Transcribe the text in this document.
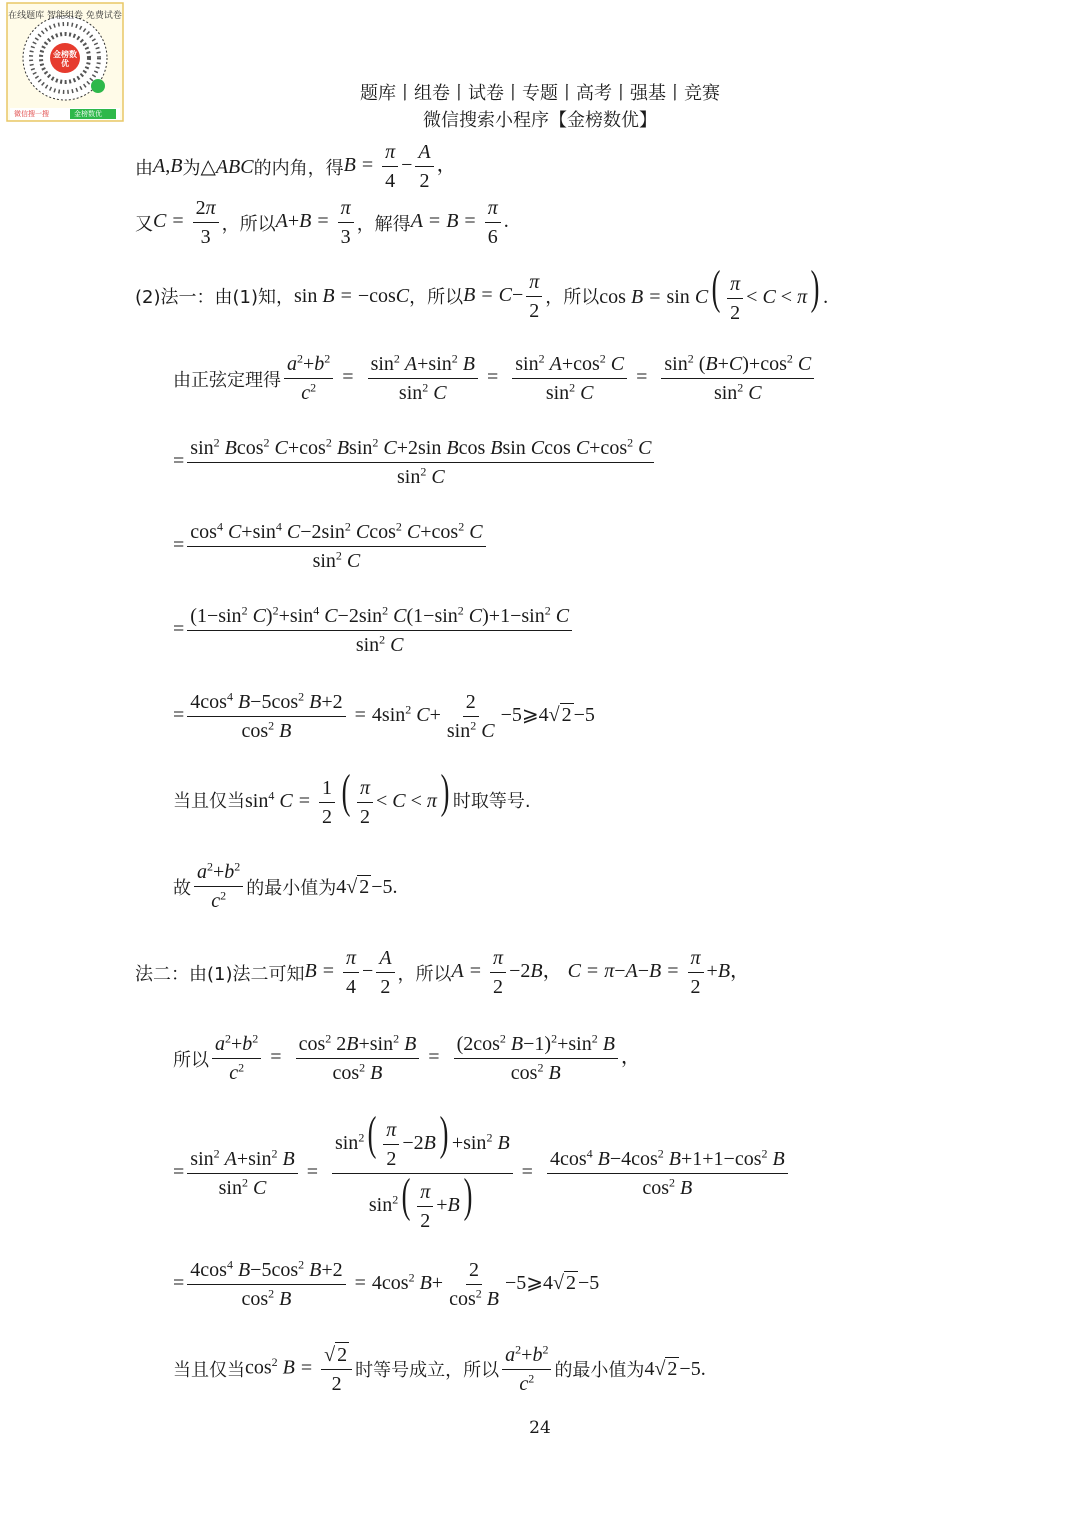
在线题库 智能组卷 免费试卷
金榜数优
微信搜一搜	金榜数优
题库丨组卷丨试卷丨专题丨高考丨强基丨竞赛
微信搜索小程序【金榜数优】
由 A,B 为 △ABC 的内角，得 $B = \frac{\pi}{4} - \frac{A}{2}$ ，
又 $C = \frac{2\pi}{3}$ ，所以 $A+B = \frac{\pi}{3}$ ，解得 $A = B = \frac{\pi}{6}$ .
(2)法一：由(1)知， sin B = −cosC ，所以 $B = C- \frac{\pi}{2}$ ，所以 $\cos B = \sin C( \frac{\pi}{2} < C < \pi)$ .
由正弦定理得 $\frac{a^2+b^2}{c^2} = \frac{\sin^2 A+\sin^2 B}{\sin^2 C} = \frac{\sin^2 A+\cos^2 C}{\sin^2 C} = \frac{\sin^2 (B+C)+\cos^2 C}{\sin^2 C}$
= $\frac{\sin^2 Bcos^2 C+\cos^2 Bsin^2 C+2\sin Bcos Bsin Ccos C+\cos^2 C}{\sin^2 C}$
= $\frac{\cos^4 C+\sin^4 C-2\sin^2 Ccos^2 C+\cos^2 C}{\sin^2 C}$
= $\frac{(1-\sin^2 C)^2+\sin^4 C-2\sin^2 C(1-\sin^2 C)+1-\sin^2 C}{\sin^2 C}$
= $\frac{4\cos^4 B-5\cos^2 B+2}{\cos^2 B} = 4\sin^2$ $C+ \frac{2}{\sin^2 C}$ −5⩾4√ 2 −5
当且仅当 $\sin^4 C = \frac{1}{2}$ ( $\frac{\pi}{2} < C < \pi$) 时取等号.
故 $\frac{a^2+b^2}{c^2}$ 的最小值为 4√ 2 −5.
法二：由(1)法二可知 $B = \frac{\pi}{4} - \frac{A}{2}$ ，所以 $A = \frac{\pi}{2} -2B$， $C = \pi-A-B = \frac{\pi}{2} +B$，
所以 $\frac{a^2+b^2}{c^2} = \frac{\cos^2 2B+\sin^2 B}{\cos^2 B} = \frac{(2\cos^2 B-1)^2+\sin^2 B}{\cos^2 B}$ ，
= $\frac{\sin^2 A+\sin^2 B}{\sin^2 C} = \frac{\sin^2( \frac{\pi}{2} -2B) +\sin^2 B}{\sin^2( \frac{\pi}{2} +B)} = \frac{4\cos^4 B-4\cos^2 B+1+1-\cos^2 B}{\cos^2 B}$
= $\frac{4\cos^4 B-5\cos^2 B+2}{\cos^2 B} = 4\cos^2$ $B+ \frac{2}{\cos^2 B}$ −5⩾4√ 2 −5
当且仅当 $\cos^2 B = \frac{√ 2}{2}$ 时等号成立，所以 $\frac{a^2+b^2}{c^2}$ 的最小值为 4√ 2 −5.
24
